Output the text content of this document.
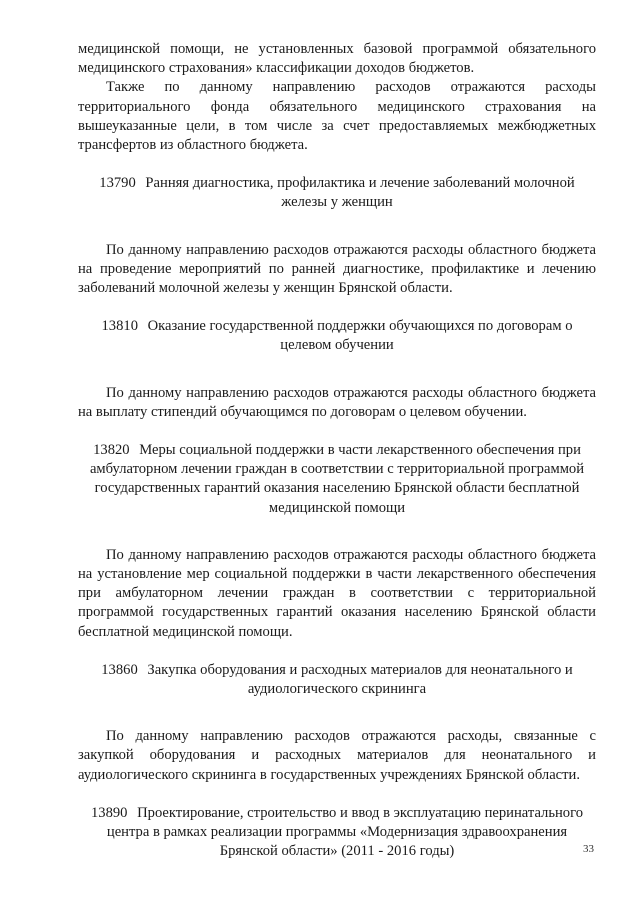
медицинской помощи, не установленных базовой программой обязательного медицинского страхования» классификации доходов бюджетов.

Также по данному направлению расходов отражаются расходы территориального фонда обязательного медицинского страхования на вышеуказанные цели, в том числе за счет предоставляемых межбюджетных трансфертов из областного бюджета.

13790 Ранняя диагностика, профилактика и лечение заболеваний молочной железы у женщин

По данному направлению расходов отражаются расходы областного бюджета на проведение мероприятий по ранней диагностике, профилактике и лечению заболеваний молочной железы у женщин Брянской области.

13810 Оказание государственной поддержки обучающихся по договорам о целевом обучении

По данному направлению расходов отражаются расходы областного бюджета на выплату стипендий обучающимся по договорам о целевом обучении.

13820 Меры социальной поддержки в части лекарственного обеспечения при амбулаторном лечении граждан в соответствии с территориальной программой государственных гарантий оказания населению Брянской области бесплатной медицинской помощи

По данному направлению расходов отражаются расходы областного бюджета на установление мер социальной поддержки в части лекарственного обеспечения при амбулаторном лечении граждан в соответствии с территориальной программой государственных гарантий оказания населению Брянской области бесплатной медицинской помощи.

13860 Закупка оборудования и расходных материалов для неонатального и аудиологического скрининга

По данному направлению расходов отражаются расходы, связанные с закупкой оборудования и расходных материалов для неонатального и аудиологического скрининга в государственных учреждениях Брянской области.

13890 Проектирование, строительство и ввод в эксплуатацию перинатального центра в рамках реализации программы «Модернизация здравоохранения Брянской области» (2011 - 2016 годы)	33
